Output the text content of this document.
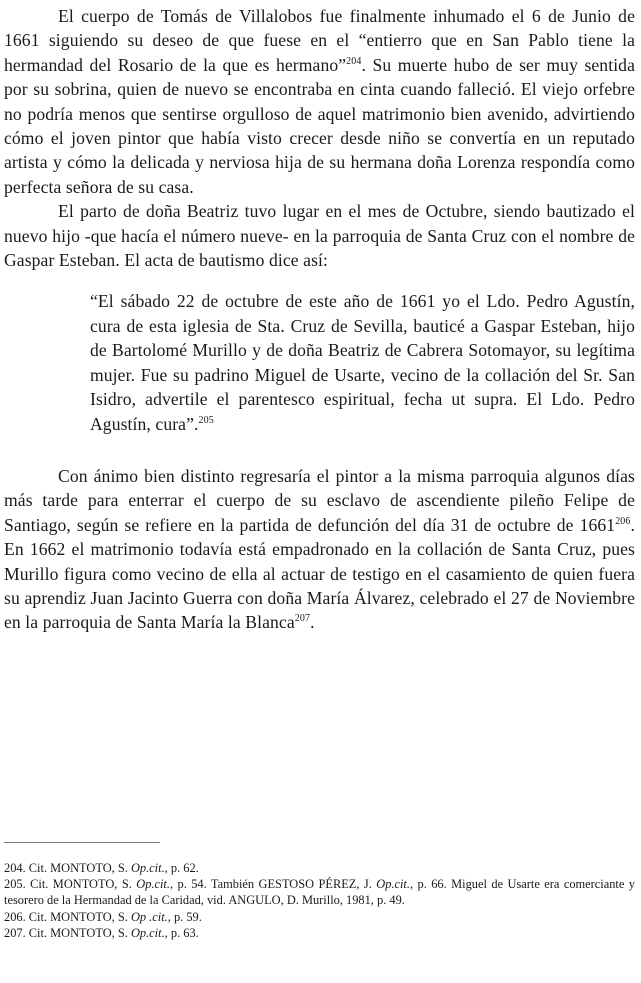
El cuerpo de Tomás de Villalobos fue finalmente inhumado el 6 de Junio de 1661 siguiendo su deseo de que fuese en el “entierro que en San Pablo tiene la hermandad del Rosario de la que es hermano”$^{204}$. Su muerte hubo de ser muy sentida por su sobrina, quien de nuevo se encontraba en cinta cuando falleció. El viejo orfebre no podría menos que sentirse orgulloso de aquel matrimonio bien avenido, advirtiendo cómo el joven pintor que había visto crecer desde niño se convertía en un reputado artista y cómo la delicada y nerviosa hija de su hermana doña Lorenza respondía como perfecta señora de su casa.

El parto de doña Beatriz tuvo lugar en el mes de Octubre, siendo bautizado el nuevo hijo -que hacía el número nueve- en la parroquia de Santa Cruz con el nombre de Gaspar Esteban. El acta de bautismo dice así:

“El sábado 22 de octubre de este año de 1661 yo el Ldo. Pedro Agustín, cura de esta iglesia de Sta. Cruz de Sevilla, bauticé a Gaspar Esteban, hijo de Bartolomé Murillo y de doña Beatriz de Cabrera Sotomayor, su legítima mujer. Fue su padrino Miguel de Usarte, vecino de la collación del Sr. San Isidro, advertile el parentesco espiritual, fecha ut supra. El Ldo. Pedro Agustín, cura”.$^{205}$

Con ánimo bien distinto regresaría el pintor a la misma parroquia algunos días más tarde para enterrar el cuerpo de su esclavo de ascendiente pileño Felipe de Santiago, según se refiere en la partida de defunción del día 31 de octubre de 1661$^{206}$. En 1662 el matrimonio todavía está empadronado en la collación de Santa Cruz, pues Murillo figura como vecino de ella al actuar de testigo en el casamiento de quien fuera su aprendiz Juan Jacinto Guerra con doña María Álvarez, celebrado el 27 de Noviembre en la parroquia de Santa María la Blanca$^{207}$.

204. Cit. MONTOTO, S. Op.cit., p. 62.

205. Cit. MONTOTO, S. Op.cit., p. 54. También GESTOSO PÉREZ, J. Op.cit., p. 66. Miguel de Usarte era comerciante y tesorero de la Hermandad de la Caridad, vid. ANGULO, D. Murillo, 1981, p. 49.

206. Cit. MONTOTO, S. Op .cit., p. 59.

207. Cit. MONTOTO, S. Op.cit., p. 63.
